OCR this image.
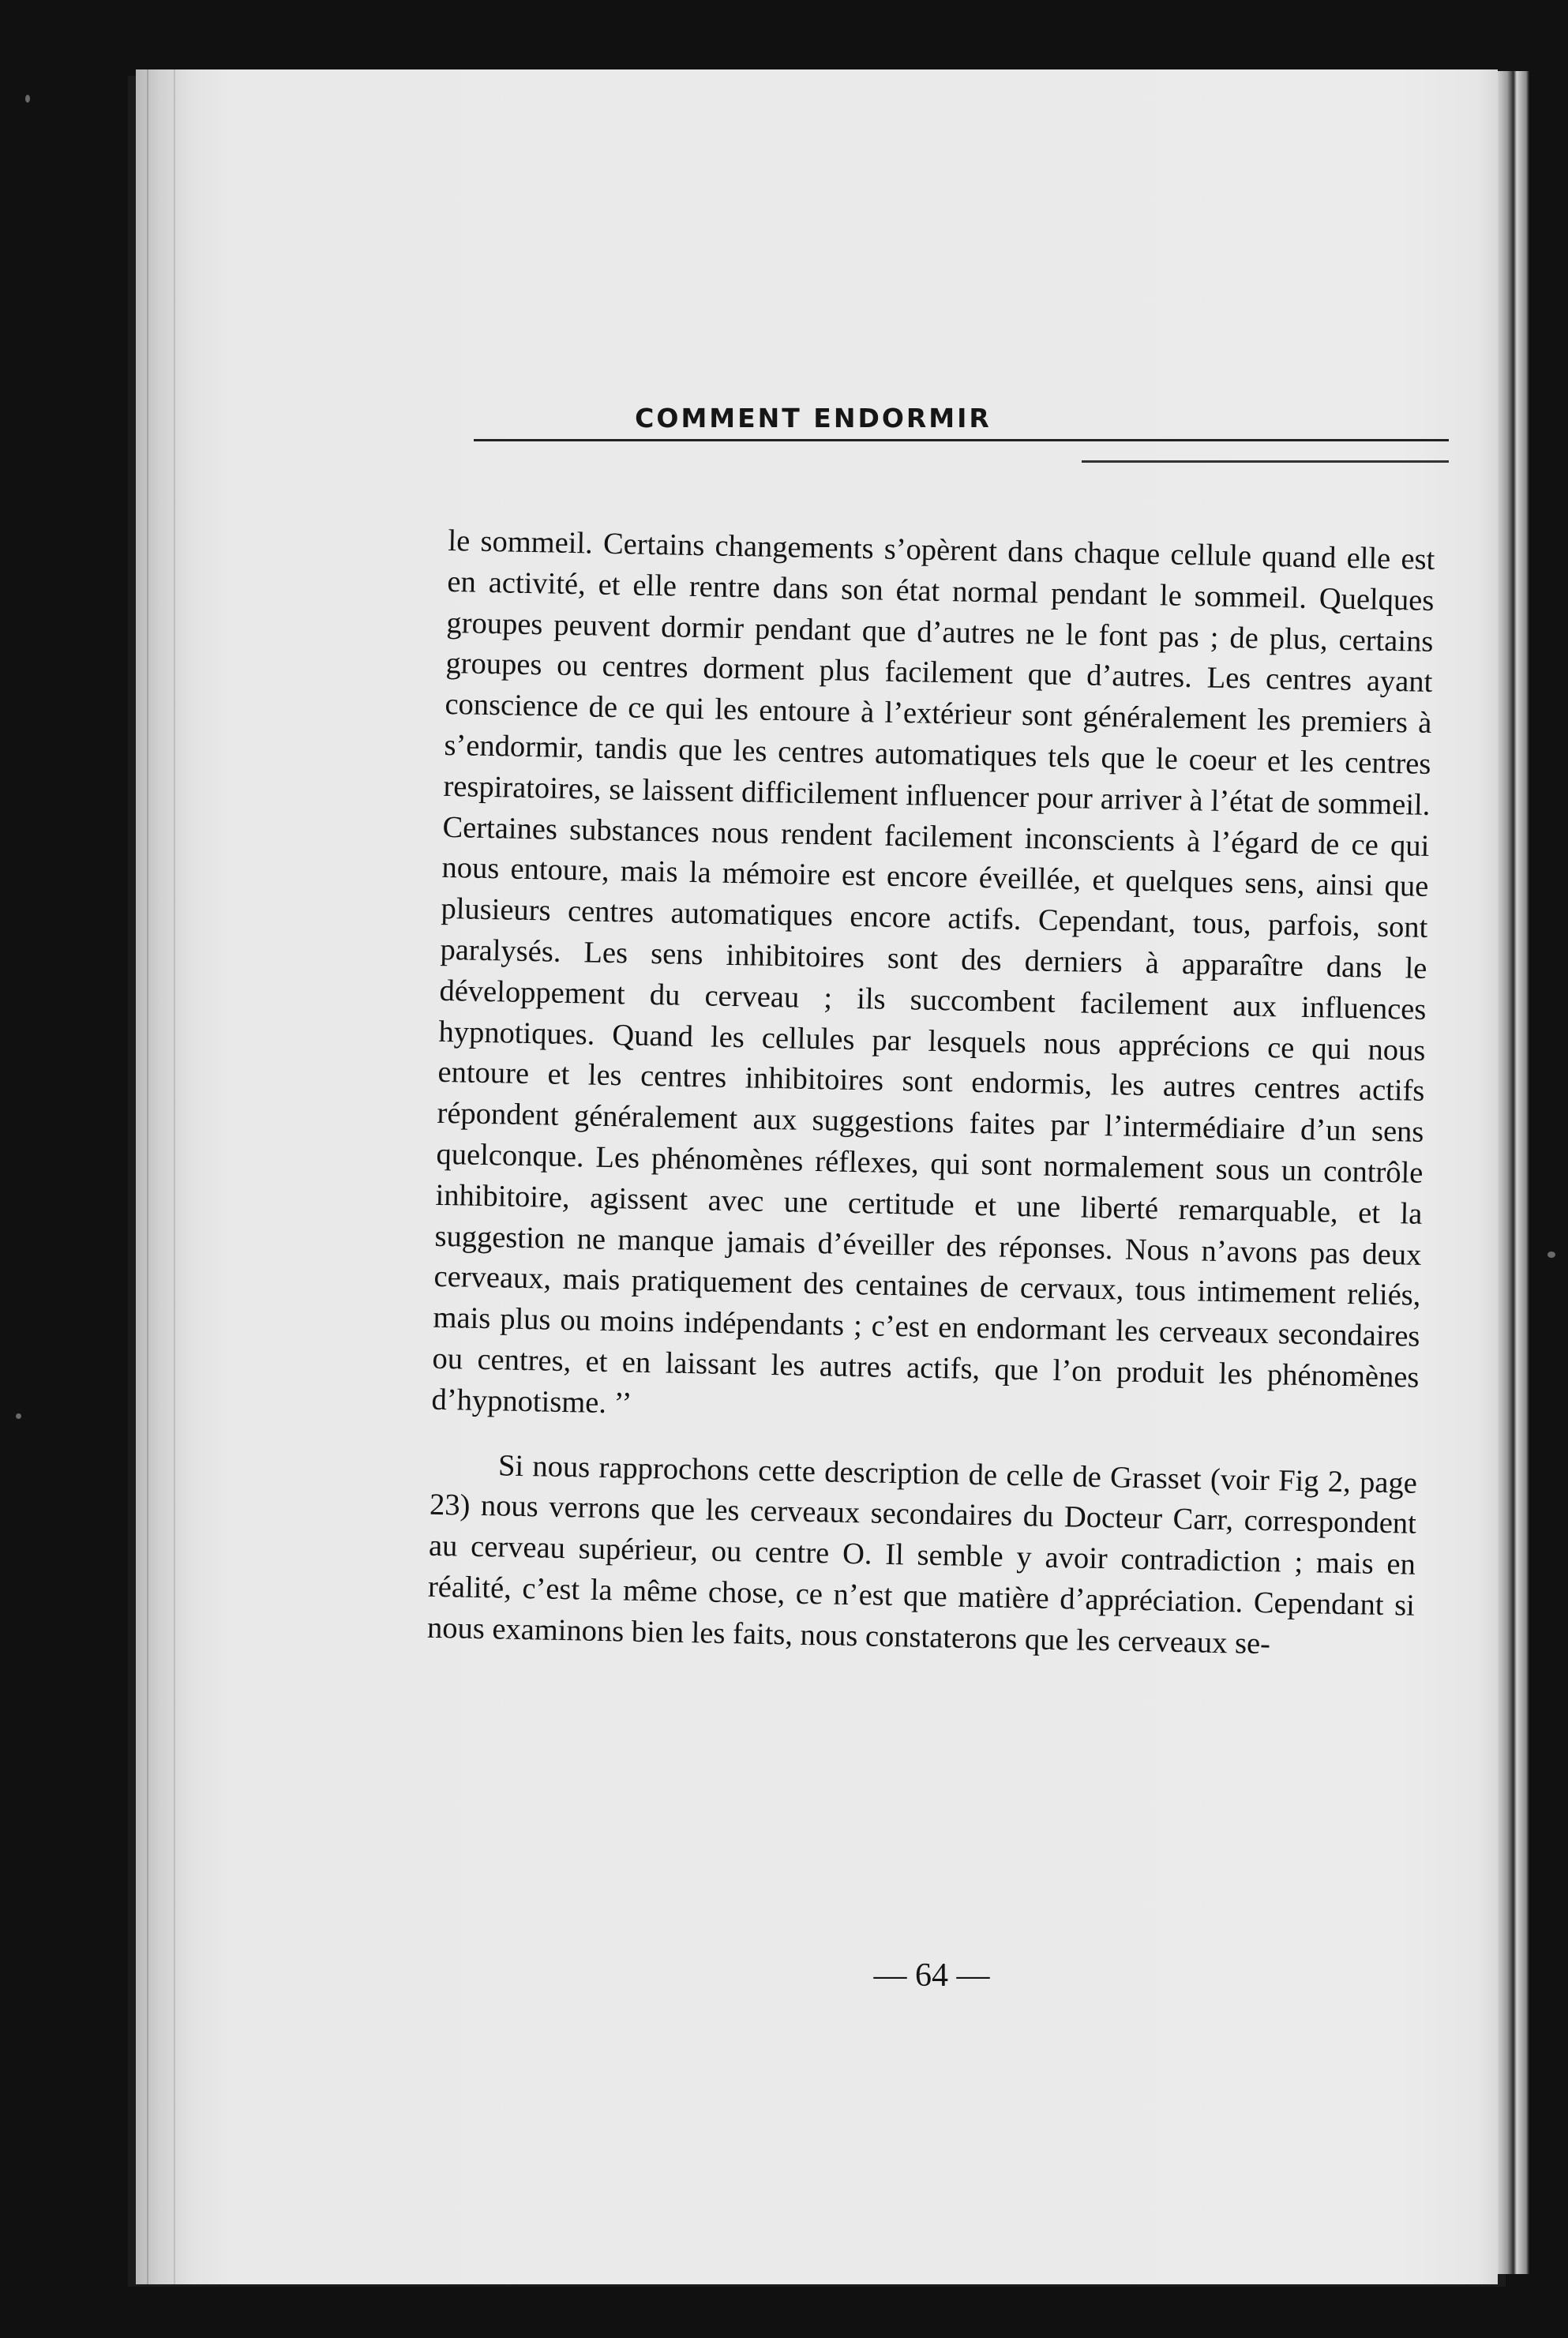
COMMENT ENDORMIR

le sommeil. Certains changements s’opèrent dans chaque cellule quand elle est en activité, et elle rentre dans son état normal pendant le sommeil. Quelques groupes peuvent dormir pendant que d’autres ne le font pas ; de plus, certains groupes ou centres dorment plus facilement que d’autres. Les centres ayant conscience de ce qui les entoure à l’extérieur sont généralement les premiers à s’endormir, tandis que les centres automatiques tels que le coeur et les centres respiratoires, se laissent difficilement influencer pour arriver à l’état de sommeil. Certaines substances nous rendent facilement inconscients à l’égard de ce qui nous entoure, mais la mémoire est encore éveillée, et quelques sens, ainsi que plusieurs centres automatiques encore actifs. Cependant, tous, parfois, sont paralysés. Les sens inhibitoires sont des derniers à apparaître dans le développement du cerveau ; ils succombent facilement aux influences hypnotiques. Quand les cellules par lesquels nous apprécions ce qui nous entoure et les centres inhibitoires sont endormis, les autres centres actifs répondent généralement aux suggestions faites par l’intermédiaire d’un sens quelconque. Les phénomènes réflexes, qui sont normalement sous un contrôle inhibitoire, agissent avec une certitude et une liberté remarquable, et la suggestion ne manque jamais d’éveiller des réponses. Nous n’avons pas deux cerveaux, mais pratiquement des centaines de cervaux, tous intimement reliés, mais plus ou moins indépendants ; c’est en endormant les cerveaux secondaires ou centres, et en laissant les autres actifs, que l’on produit les phénomènes d’hypnotisme. ’’

Si nous rapprochons cette description de celle de Grasset (voir Fig 2, page 23) nous verrons que les cerveaux secondaires du Docteur Carr, correspondent au cerveau supérieur, ou centre O. Il semble y avoir contradiction ; mais en réalité, c’est la même chose, ce n’est que matière d’appréciation. Cependant si nous examinons bien les faits, nous constaterons que les cerveaux se-

— 64 —
